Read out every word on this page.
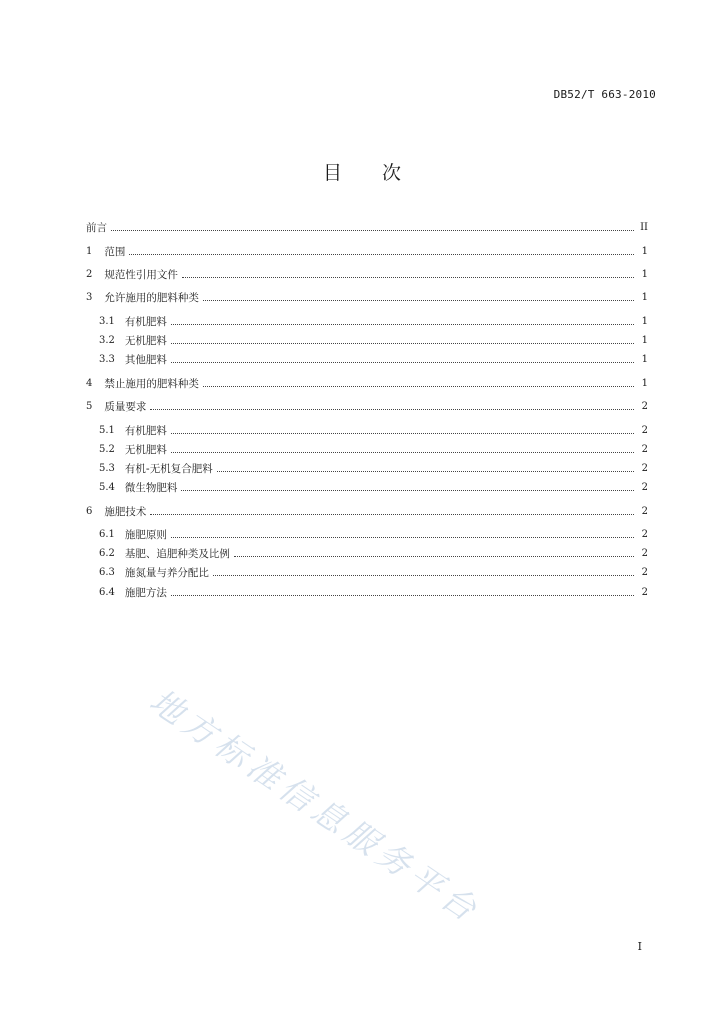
DB52/T 663-2010
目 次
前言	II
1 范围	1
2 规范性引用文件	1
3 允许施用的肥料种类	1
3.1 有机肥料	1
3.2 无机肥料	1
3.3 其他肥料	1
4 禁止施用的肥料种类	1
5 质量要求	2
5.1 有机肥料	2
5.2 无机肥料	2
5.3 有机-无机复合肥料	2
5.4 微生物肥料	2
6 施肥技术	2
6.1 施肥原则	2
6.2 基肥、追肥种类及比例	2
6.3 施氮量与养分配比	2
6.4 施肥方法	2
地方标准信息服务平台
I
